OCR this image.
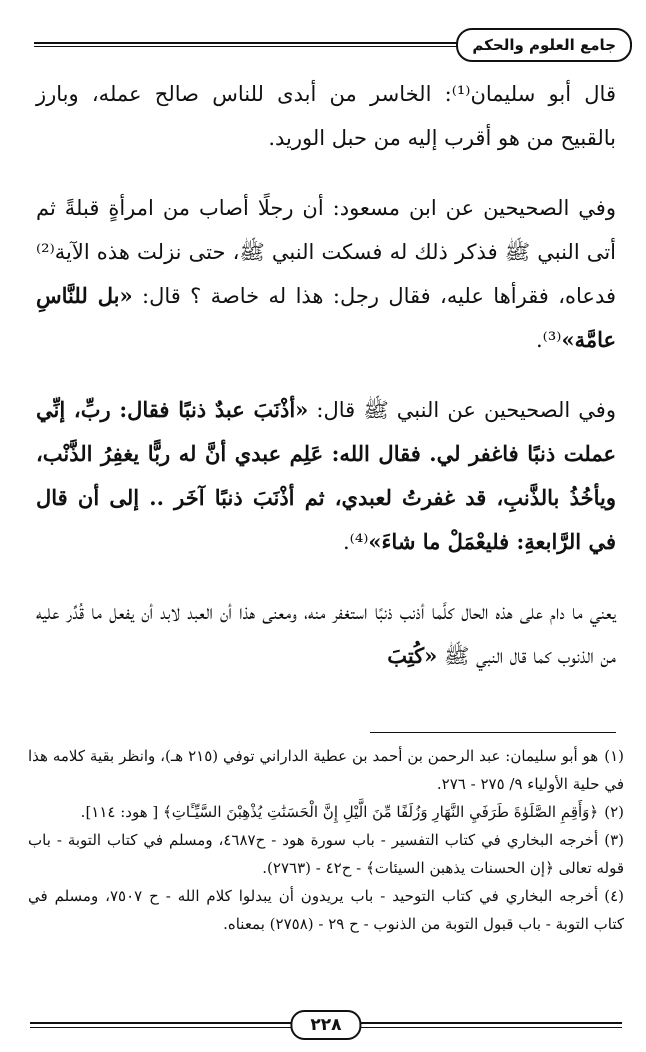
جامع العلوم والحكم

قال أبو سليمان⁽¹⁾: الخاسر من أبدى للناس صالح عمله، وبارز بالقبيح من هو أقرب إليه من حبل الوريد.

وفي الصحيحين عن ابن مسعود: أن رجلًا أصاب من امرأةٍ قبلةً ثم أتى النبي ﷺ فذكر ذلك له فسكت النبي ﷺ، حتى نزلت هذه الآية⁽²⁾ فدعاه، فقرأها عليه، فقال رجل: هذا له خاصة ؟ قال: «بل للنَّاسِ عامَّة»⁽³⁾.

وفي الصحيحين عن النبي ﷺ قال: «أذْنَبَ عبدٌ ذنبًا فقال: ربِّ، إنِّي عملت ذنبًا فاغفر لي. فقال الله: عَلِم عبدي أنَّ له ربًّا يغفِرُ الذَّنْب، ويأخُذُ بالذَّنبِ، قد غفرتُ لعبدي، ثم أذْنَبَ ذنبًا آخَر .. إلى أن قال في الرَّابعةِ: فليعْمَلْ ما شاءَ»⁽⁴⁾.

يعني ما دام على هذه الحال كلَّما أذنب ذنبًا استغفر منه، ومعنى هذا أن العبد لابد أن يفعل ما قُدِّر عليه من الذنوب كما قال النبي ﷺ «كُتِبَ

(١)هو أبو سليمان: عبد الرحمن بن أحمد بن عطية الداراني توفي (٢١٥ هـ)، وانظر بقية كلامه هذا في حلية الأولياء ٩/ ٢٧٥ - ٢٧٦.

(٢)﴿وَأَقِمِ الصَّلَوٰةَ طَرَفَيِ النَّهَارِ وَزُلَفًا مِّنَ الَّيْلِ إِنَّ الْحَسَنَٰتِ يُذْهِبْنَ السَّيِّـَٔاتِ﴾ [ هود: ١١٤].

(٣)أخرجه البخاري في كتاب التفسير - باب سورة هود - ح٤٦٨٧، ومسلم في كتاب التوبة - باب قوله تعالى ﴿إن الحسنات يذهبن السيئات﴾ - ح٤٢ - (٢٧٦٣).

(٤)أخرجه البخاري في كتاب التوحيد - باب يريدون أن يبدلوا كلام الله - ح ٧٥٠٧، ومسلم في كتاب التوبة - باب قبول التوبة من الذنوب - ح ٢٩ - (٢٧٥٨) بمعناه.

٢٢٨
